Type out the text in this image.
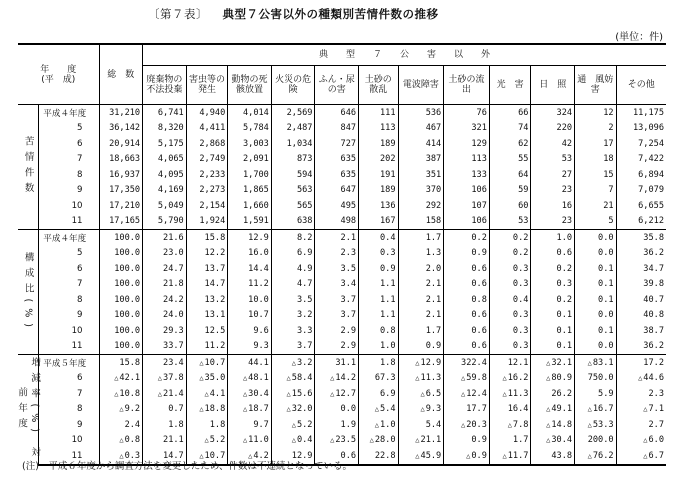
〔第７表〕 典型７公害以外の種類別苦情件数の推移
(単位：件)
年　　度
(平　成)		総　数	典　　型　　７　　公　　害　　以　　外											
			廃棄物の不法投棄	害虫等の発生	動物の死骸放置	火災の危険	ふん・尿の害	土砂の散乱	電波障害	土砂の流出	光　害	日　照	通　風妨　害	その他
苦情件数	平成４年度	31,210	6,741	4,940	4,014	2,569	646	111	536	76	66	324	12	11,175
	5	36,142	8,320	4,411	5,784	2,487	847	113	467	321	74	220	2	13,096
	6	20,914	5,175	2,868	3,003	1,034	727	189	414	129	62	42	17	7,254
	7	18,663	4,065	2,749	2,091	873	635	202	387	113	55	53	18	7,422
	8	16,937	4,095	2,233	1,700	594	635	191	351	133	64	27	15	6,894
	9	17,350	4,169	2,273	1,865	563	647	189	370	106	59	23	7	7,079
	10	17,210	5,049	2,154	1,660	565	495	136	292	107	60	16	21	6,655
	11	17,165	5,790	1,924	1,591	638	498	167	158	106	53	23	5	6,212
構成比(%)	平成４年度	100.0	21.6	15.8	12.9	8.2	2.1	0.4	1.7	0.2	0.2	1.0	0.0	35.8
	5	100.0	23.0	12.2	16.0	6.9	2.3	0.3	1.3	0.9	0.2	0.6	0.0	36.2
	6	100.0	24.7	13.7	14.4	4.9	3.5	0.9	2.0	0.6	0.3	0.2	0.1	34.7
	7	100.0	21.8	14.7	11.2	4.7	3.4	1.1	2.1	0.6	0.3	0.3	0.1	39.8
	8	100.0	24.2	13.2	10.0	3.5	3.7	1.1	2.1	0.8	0.4	0.2	0.1	40.7
	9	100.0	24.0	13.1	10.7	3.2	3.7	1.1	2.1	0.6	0.3	0.1	0.0	40.8
	10	100.0	29.3	12.5	9.6	3.3	2.9	0.8	1.7	0.6	0.3	0.1	0.1	38.7
	11	100.0	33.7	11.2	9.3	3.7	2.9	1.0	0.9	0.6	0.3	0.1	0.0	36.2
増減率(%) 対前年度	平成５年度	15.8	23.4	△10.7	44.1	△3.2	31.1	1.8	△12.9	322.4	12.1	△32.1	△83.1	17.2
	6	△42.1	△37.8	△35.0	△48.1	△58.4	△14.2	67.3	△11.3	△59.8	△16.2	△80.9	750.0	△44.6
	7	△10.8	△21.4	△4.1	△30.4	△15.6	△12.7	6.9	△6.5	△12.4	△11.3	26.2	5.9	2.3
	8	△9.2	0.7	△18.8	△18.7	△32.0	0.0	△5.4	△9.3	17.7	16.4	△49.1	△16.7	△7.1
	9	2.4	1.8	1.8	9.7	△5.2	1.9	△1.0	5.4	△20.3	△7.8	△14.8	△53.3	2.7
	10	△0.8	21.1	△5.2	△11.0	△0.4	△23.5	△28.0	△21.1	0.9	1.7	△30.4	200.0	△6.0
	11	△0.3	14.7	△10.7	△4.2	12.9	0.6	22.8	△45.9	△0.9	△11.7	43.8	△76.2	△6.7
(注)　平成６年度から調査方法を変更したため、件数は不連続となっている。
